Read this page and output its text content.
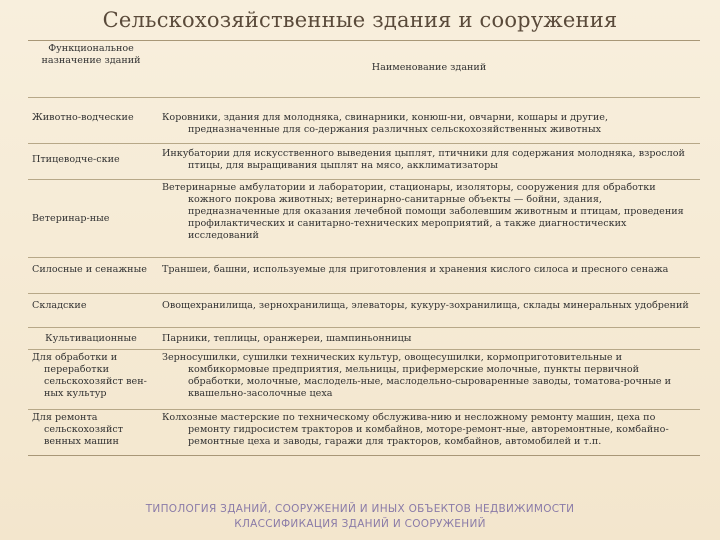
Сельскохозяйственные здания и сооружения
Функциональное назначение зданий	Наименование зданий
Животно-водческие	Коровники, здания для молодняка, свинарники, конюш-ни, овчарни, кошары и другие, предназначенные для со-держания различных сельскохозяйственных животных

Птицеводче-ские	Инкубатории для искусственного выведения цыплят, птичники для содержания молодняка, взрослой птицы, для выращивания цыплят на мясо, акклиматизаторы

Ветеринар-ные	Ветеринарные амбулатории и лаборатории, стационары, изоляторы, сооружения для обработки кожного покрова животных; ветеринарно-санитарные объекты — бойни, здания, предназначенные для оказания лечебной помощи заболевшим животным и птицам, проведения профилактических и санитарно-технических мероприятий, а также диагностических исследований

Силосные и сенажные	Траншеи, башни, используемые для приготовления и хранения кислого силоса и пресного сенажа

Складские	Овощехранилища, зернохранилища, элеваторы, кукуру-зохранилища, склады минеральных удобрений

Культивационные	Парники, теплицы, оранжереи, шампиньонницы

Для обработки и переработки сельскохозяйст вен-ных культур	Зерносушилки, сушилки технических культур, овощесушилки, кормоприготовительные и комбикормовые предприятия, мельницы, прифермерские молочные, пункты первичной обработки, молочные, маслодель-ные, маслодельно-сыроваренные заводы, томатова-рочные и квашельно-засолочные цеха

Для ремонта сельскохозяйст венных машин	Колхозные мастерские по техническому обслужива-нию и несложному ремонту машин, цеха по ремонту гидросистем тракторов и комбайнов, моторе-ремонт-ные, авторемонтные, комбайно-ремонтные цеха и заводы, гаражи для тракторов, комбайнов, автомобилей и т.п.

ТИПОЛОГИЯ ЗДАНИЙ, СООРУЖЕНИЙ И ИНЫХ ОБЪЕКТОВ НЕДВИЖИМОСТИ
КЛАССИФИКАЦИЯ ЗДАНИЙ И СООРУЖЕНИЙ
